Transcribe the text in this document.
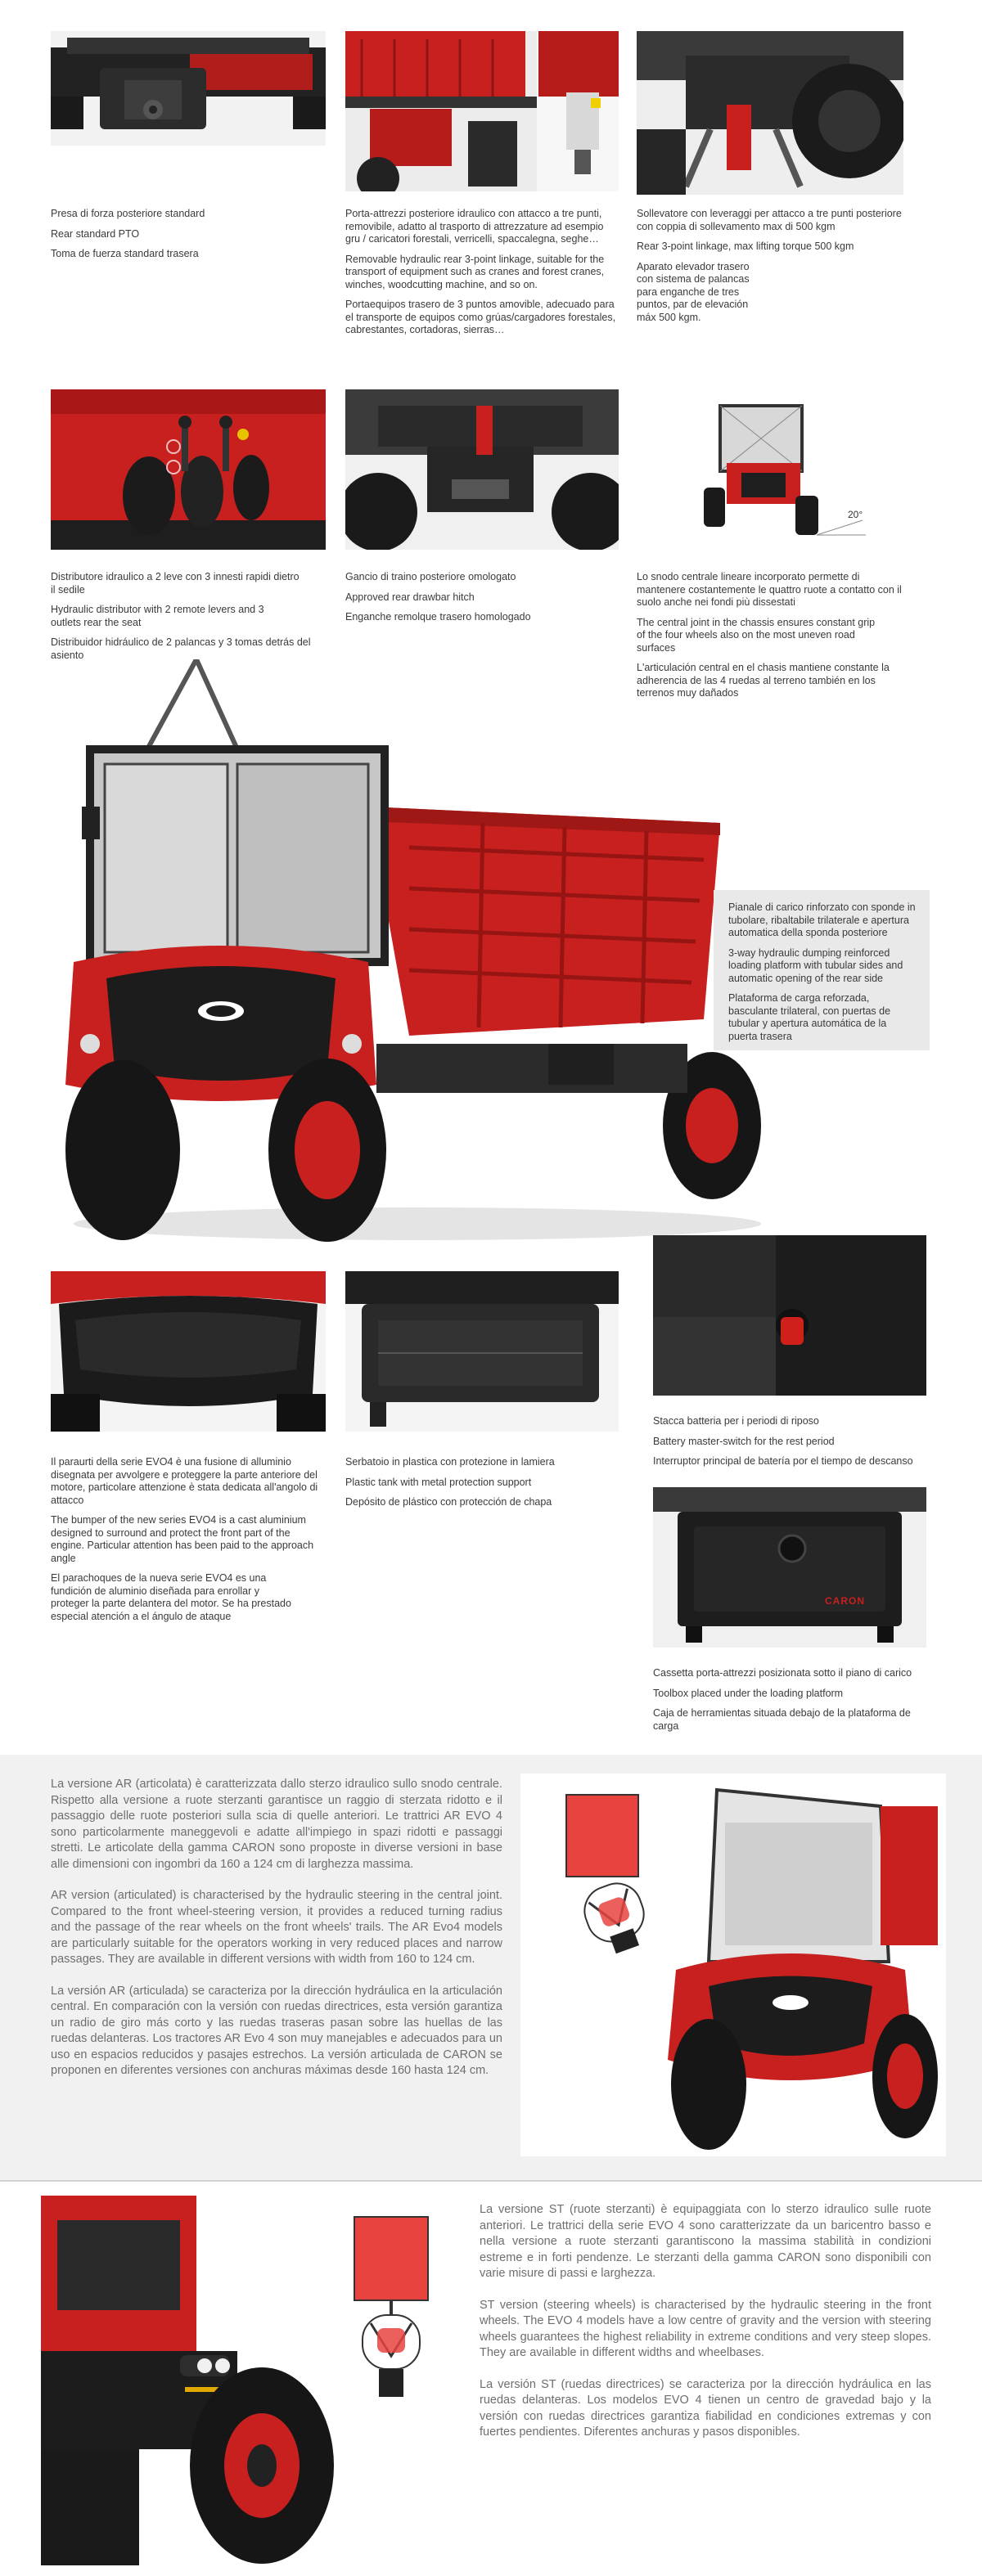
Presa di forza posteriore standard

Rear standard PTO

Toma de fuerza standard trasera

Porta-attrezzi posteriore idraulico con attacco a tre punti, removibile, adatto al trasporto di attrezzature ad esempio gru / caricatori forestali, verricelli, spaccalegna, seghe…

Removable hydraulic rear 3-point linkage, suitable for the transport of equipment such as cranes and forest cranes, winches, woodcutting machine, and so on.

Portaequipos trasero de 3 puntos amovible, adecuado para el transporte de equipos como grúas/cargadores forestales, cabrestantes, cortadoras, sierras…

Sollevatore con leveraggi per attacco a tre punti posteriore con coppia di sollevamento max di 500 kgm

Rear 3-point linkage, max lifting torque 500 kgm

Aparato elevador trasero con sistema de palancas para enganche de tres puntos, par de elevación máx 500 kgm.

20°

Distributore idraulico a 2 leve con 3 innesti rapidi dietro il sedile

Hydraulic distributor with 2 remote levers and 3 outlets rear the seat

Distribuidor hidráulico de 2 palancas y 3 tomas detrás del asiento

Gancio di traino posteriore omologato

Approved rear drawbar hitch

Enganche remolque trasero homologado

Lo snodo centrale lineare incorporato permette di mantenere costantemente le quattro ruote a contatto con il suolo anche nei fondi più dissestati

The central joint in the chassis ensures constant grip of the four wheels also on the most uneven road surfaces

L'articulación central en el chasis mantiene constante la adherencia de las 4 ruedas al terreno también en los terrenos muy dañados

Pianale di carico rinforzato con sponde in tubolare, ribaltabile trilaterale e apertura automatica della sponda posteriore

3-way hydraulic dumping reinforced loading platform with tubular sides and automatic opening of the rear side

Plataforma de carga reforzada, basculante trilateral, con puertas de tubular y apertura automática de la puerta trasera

CARON

Il paraurti della serie EVO4 è una fusione di alluminio disegnata per avvolgere e proteggere la parte anteriore del motore, particolare attenzione è stata dedicata all'angolo di attacco

The bumper of the new series EVO4 is a cast aluminium designed to surround and protect the front part of the engine. Particular attention has been paid to the approach angle

El parachoques de la nueva serie EVO4 es una fundición de aluminio diseñada para enrollar y proteger la parte delantera del motor. Se ha prestado especial atención a el ángulo de ataque

Serbatoio in plastica con protezione in lamiera

Plastic tank with metal protection support

Depósito de plástico con protección de chapa

Stacca batteria per i periodi di riposo

Battery master-switch for the rest period

Interruptor principal de batería por el tiempo de descanso

Cassetta porta-attrezzi posizionata sotto il piano di carico

Toolbox placed under the loading platform

Caja de herramientas situada debajo de la plataforma de carga

La versione AR (articolata) è caratterizzata dallo sterzo idraulico sullo snodo centrale. Rispetto alla versione a ruote sterzanti garantisce un raggio di sterzata ridotto e il passaggio delle ruote posteriori sulla scia di quelle anteriori. Le trattrici AR EVO 4 sono particolarmente maneggevoli e adatte all'impiego in spazi ridotti e passaggi stretti. Le articolate della gamma CARON sono proposte in diverse versioni in base alle dimensioni con ingombri da 160 a 124 cm di larghezza massima.

AR version (articulated) is characterised by the hydraulic steering in the central joint. Compared to the front wheel-steering version, it provides a reduced turning radius and the passage of the rear wheels on the front wheels' trails. The AR Evo4 models are particularly suitable for the operators working in very reduced places and narrow passages. They are available in different versions with width from 160 to 124 cm.

La versión AR (articulada) se caracteriza por la dirección hydráulica en la articulación central. En comparación con la versión con ruedas directrices, esta versión garantiza un radio de giro más corto y las ruedas traseras pasan sobre las huellas de las ruedas delanteras. Los tractores AR Evo 4 son muy manejables e adecuados para un uso en espacios reducidos y pasajes estrechos. La versión articulada de CARON se proponen en diferentes versiones con anchuras máximas desde 160 hasta 124 cm.

La versione ST (ruote sterzanti) è equipaggiata con lo sterzo idraulico sulle ruote anteriori. Le trattrici della serie EVO 4 sono caratterizzate da un baricentro basso e nella versione a ruote sterzanti garantiscono la massima stabilità in condizioni estreme e in forti pendenze. Le sterzanti della gamma CARON sono disponibili con varie misure di passi e larghezza.

ST version (steering wheels) is characterised by the hydraulic steering in the front wheels. The EVO 4 models have a low centre of gravity and the version with steering wheels guarantees the highest reliability in extreme conditions and very steep slopes. They are available in different widths and wheelbases.

La versión ST (ruedas directrices) se caracteriza por la dirección hydráulica en las ruedas delanteras. Los modelos EVO 4 tienen un centro de gravedad bajo y la versión con ruedas directrices garantiza fiabilidad en condiciones extremas y con fuertes pendientes. Diferentes anchuras y pasos disponibles.
